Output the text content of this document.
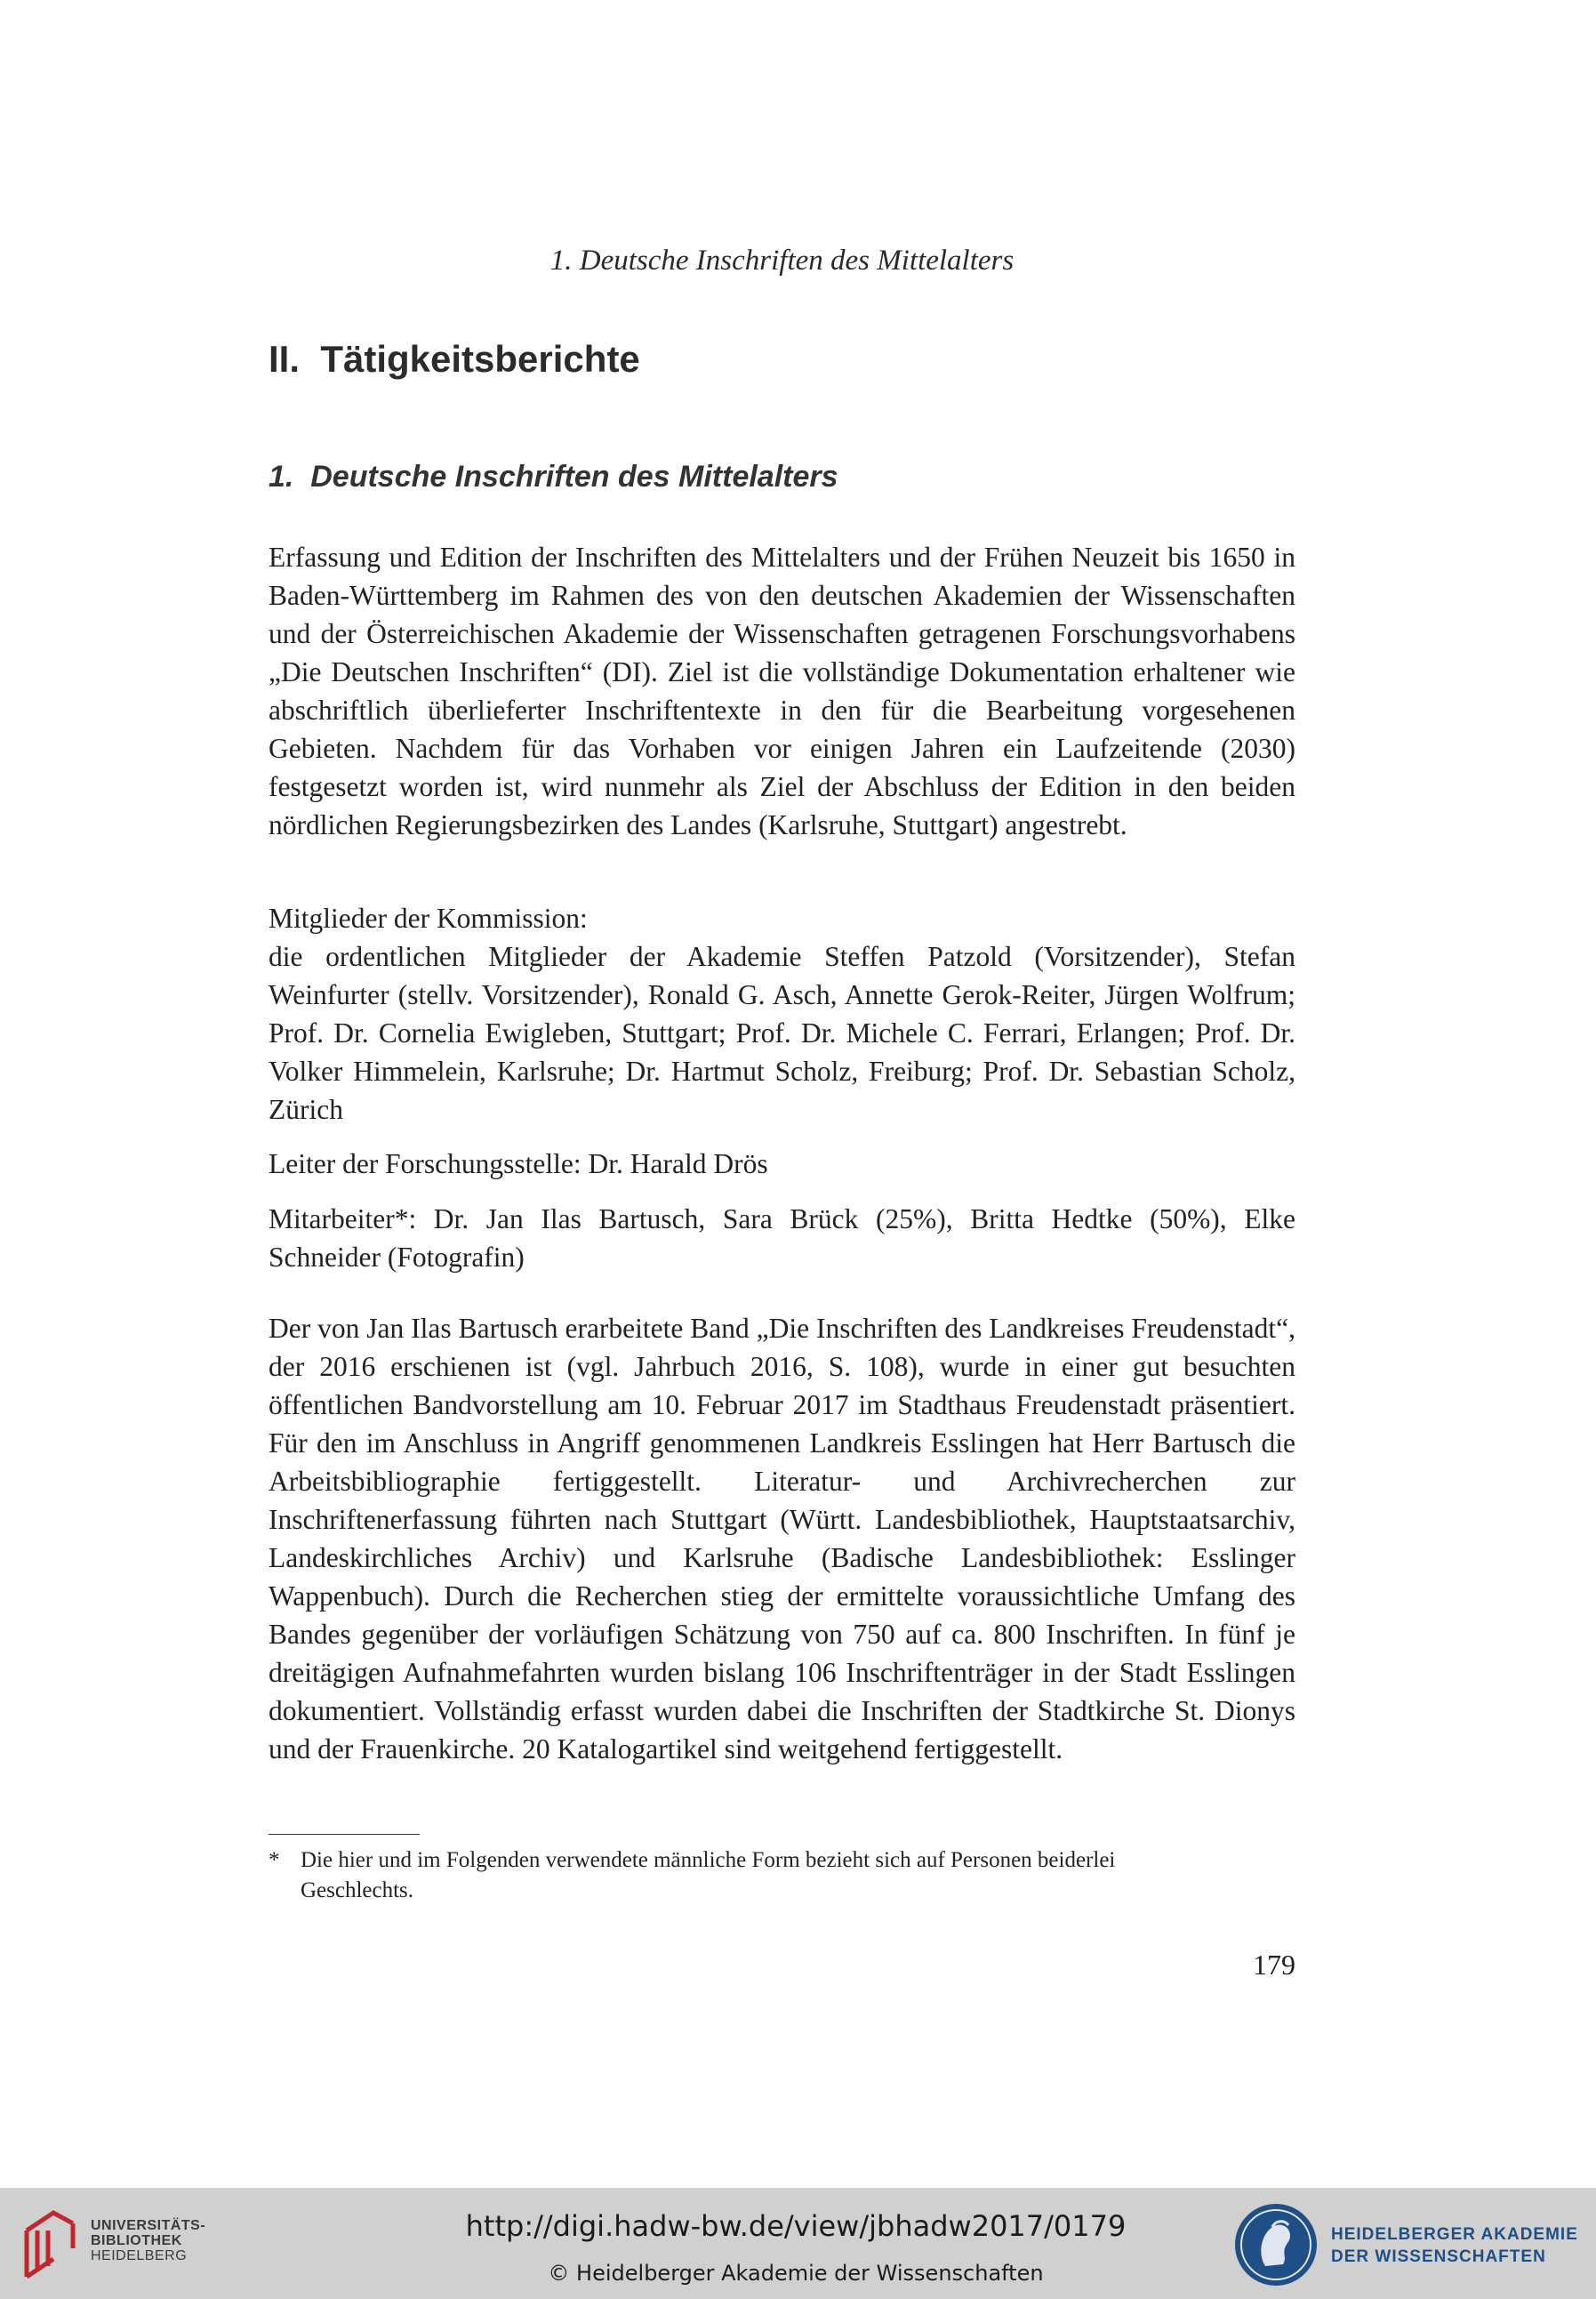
1. Deutsche Inschriften des Mittelalters
II.  Tätigkeitsberichte
1.  Deutsche Inschriften des Mittelalters
Erfassung und Edition der Inschriften des Mittelalters und der Frühen Neuzeit bis 1650 in Baden-Württemberg im Rahmen des von den deutschen Akademien der Wissenschaften und der Österreichischen Akademie der Wissenschaften getragenen Forschungsvorhabens „Die Deutschen Inschriften“ (DI). Ziel ist die vollständige Dokumentation erhaltener wie abschriftlich überlieferter Inschriftentexte in den für die Bearbeitung vorgesehenen Gebieten. Nachdem für das Vorhaben vor einigen Jahren ein Laufzeitende (2030) festgesetzt worden ist, wird nunmehr als Ziel der Abschluss der Edition in den beiden nördlichen Regierungsbezirken des Landes (Karlsruhe, Stuttgart) angestrebt.
Mitglieder der Kommission:
die ordentlichen Mitglieder der Akademie Steffen Patzold (Vorsitzender), Stefan Weinfurter (stellv. Vorsitzender), Ronald G. Asch, Annette Gerok-Reiter, Jürgen Wolfrum; Prof. Dr. Cornelia Ewigleben, Stuttgart; Prof. Dr. Michele C. Ferrari, Erlangen; Prof. Dr. Volker Himmelein, Karlsruhe; Dr. Hartmut Scholz, Freiburg; Prof. Dr. Sebastian Scholz, Zürich
Leiter der Forschungsstelle: Dr. Harald Drös
Mitarbeiter*: Dr. Jan Ilas Bartusch, Sara Brück (25%), Britta Hedtke (50%), Elke Schneider (Fotografin)
Der von Jan Ilas Bartusch erarbeitete Band „Die Inschriften des Landkreises Freudenstadt“, der 2016 erschienen ist (vgl. Jahrbuch 2016, S. 108), wurde in einer gut besuchten öffentlichen Bandvorstellung am 10. Februar 2017 im Stadthaus Freudenstadt präsentiert. Für den im Anschluss in Angriff genommenen Landkreis Esslingen hat Herr Bartusch die Arbeitsbibliographie fertiggestellt. Literatur- und Archivrecherchen zur Inschriftenerfassung führten nach Stuttgart (Württ. Landesbibliothek, Hauptstaatsarchiv, Landeskirchliches Archiv) und Karlsruhe (Badische Landesbibliothek: Esslinger Wappenbuch). Durch die Recherchen stieg der ermittelte voraussichtliche Umfang des Bandes gegenüber der vorläufigen Schätzung von 750 auf ca. 800 Inschriften. In fünf je dreitägigen Aufnahmefahrten wurden bislang 106 Inschriftenträger in der Stadt Esslingen dokumentiert. Vollständig erfasst wurden dabei die Inschriften der Stadtkirche St. Dionys und der Frauenkirche. 20 Katalogartikel sind weitgehend fertiggestellt.
* Die hier und im Folgenden verwendete männliche Form bezieht sich auf Personen beiderlei
Geschlechts.
179
UNIVERSITÄTS-
BIBLIOTHEK
HEIDELBERG
http://digi.hadw-bw.de/view/jbhadw2017/0179
© Heidelberger Akademie der Wissenschaften
HEIDELBERGER AKADEMIE
DER WISSENSCHAFTEN
